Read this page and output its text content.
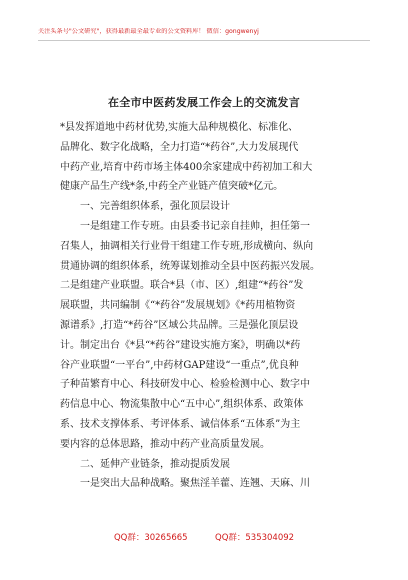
关注头条号"公文研究"，获得最新最全最专业的公文资料库！ 微信：gongwenyj
在全市中医药发展工作会上的交流发言
*县发挥道地中药材优势,实施大品种规模化、标准化、
品牌化、数字化战略，全力打造“*药谷”,大力发展现代
中药产业,培育中药市场主体400余家建成中药初加工和大
健康产品生产线*条,中药全产业链产值突破*亿元。
　　一、完善组织体系，强化顶层设计
　　一是组建工作专班。由县委书记亲自挂帅，担任第一
召集人，抽调相关行业骨干组建工作专班,形成横向、纵向
贯通协调的组织体系，统筹谋划推动全县中医药振兴发展。
二是组建产业联盟。联合*县（市、区）,组建“*药谷”发
展联盟，共同编制《“*药谷”发展规划》《*药用植物资
源谱系》,打造“*药谷”区域公共品牌。三是强化顶层设
计。制定出台《*县“*药谷”建设实施方案》，明确以*药
谷产业联盟“一平台”,中药材GAP建设“一重点”,优良种
子种苗繁育中心、科技研发中心、检验检测中心、数字中
药信息中心、物流集散中心“五中心”,组织体系、政策体
系、技术支撑体系、考评体系、诚信体系“五体系”为主
要内容的总体思路，推动中药产业高质量发展。
　　二、延伸产业链条，推动提质发展
　　一是突出大品种战略。聚焦淫羊藿、连翘、天麻、川
QQ群：30265665	QQ群：535304092
